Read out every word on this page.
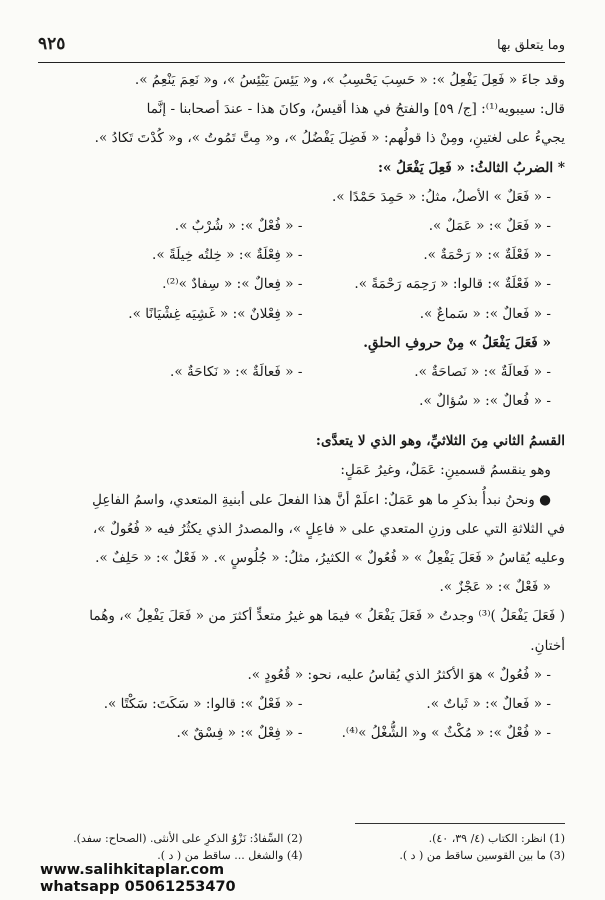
وما يتعلق بها
٩٢٥
وقد جاءَ « فَعِلَ يَفْعِلُ »: « حَسِبَ يَحْسِبُ »، و« يَئِسَ يَيْئِسُ »، و« نَعِمَ يَنْعِمُ ».
قال: سيبويه⁽¹⁾: [ج/ ٥٩] والفتحُ في هذا أقيسُ، وكانَ هذا - عندَ أصحابنا - إنَّما
يجيءُ على لغتينِ، ومِنْ ذا قولُهم: « فَضِلَ يَفْضُلُ »، و« مِتَّ تَمُوتُ »، و« كُدْتَ تَكادُ ».
* الضربُ الثالثُ: « فَعِلَ يَفْعَلُ »:
- « فَعَلٌ » الأصلُ، مثلُ: « حَمِدَ حَمْدًا ».
- « فَعَلٌ »: « عَمَلٌ ».
- « فُعْلٌ »: « شُرْبٌ ».
- « فَعْلَةٌ »: « رَحْمَةٌ ».
- « فِعْلَةٌ »: « خِلتُه خِيلَةً ».
- « فَعْلَةٌ »: قالوا: « رَحِمَه رَحْمَةً ».
- « فِعالٌ »: « سِفادٌ »⁽²⁾.
- « فَعالٌ »: « سَماعٌ ».
- « فِعْلانٌ »: « غَشِيَه غِشْيَانًا ».
« فَعَلَ يَفْعَلُ » مِنْ حروفِ الحلقِ.
- « فَعالَةٌ »: « نَصاحَةٌ ».
- « فَعالَةٌ »: « نَكاحَةٌ ».
- « فُعالٌ »: « سُؤالٌ ».
القسمُ الثاني مِنَ الثلاثيِّ، وهو الذي لا يتعدَّى:
وهو ينقسمُ قسمينِ: عَمَلٌ، وغيرُ عَمَلٍ:
● ونحنُ نبدأُ بذكرِ ما هو عَمَلٌ: اعلَمْ أنَّ هذا الفعلَ على أبنيةِ المتعدي، واسمُ الفاعِلِ
في الثلاثةِ التي على وزنِ المتعدي على « فاعِلٍ »، والمصدرُ الذي يكثُرُ فيه « فُعُولٌ »،
وعليه يُقاسُ « فَعَلَ يَفْعِلُ » « فُعُولٌ » الكثيرُ، مثلُ: « جُلُوسٍ ». « فَعْلٌ »: « حَلِفٌ ».
« فَعْلٌ »: « عَجْزٌ ».
( فَعَلَ يَفْعَلُ )⁽³⁾ وجدتُ « فَعَلَ يَفْعَلُ » فيمَا هو غيرُ متعدٍّ أكثرَ من « فَعَلَ يَفْعِلُ »، وهُما
أختانِ.
- « فُعُولٌ » هوَ الأكثرُ الذي يُقاسُ عليه، نحو: « قُعُودٍ ».
- « فَعالٌ »: « ثَباتٌ ».
- « فَعْلٌ »: قالوا: « سَكَتَ: سَكْتًا ».
- « فُعْلٌ »: « مُكْثٌ » و« الشُّغْلُ »⁽⁴⁾.
- « فِعْلٌ »: « فِسْقٌ ».
(1) انظر: الكتاب (٤/ ٣٩، ٤٠).
(2) السِّفادُ: نَزْوُ الذكرِ على الأنثى. (الصحاح: سفد).
(3) ما بين القوسين ساقط من ( د ).
(4) والشغل ... ساقط من ( د ).
www.salihkitaplar.com
whatsapp 05061253470
